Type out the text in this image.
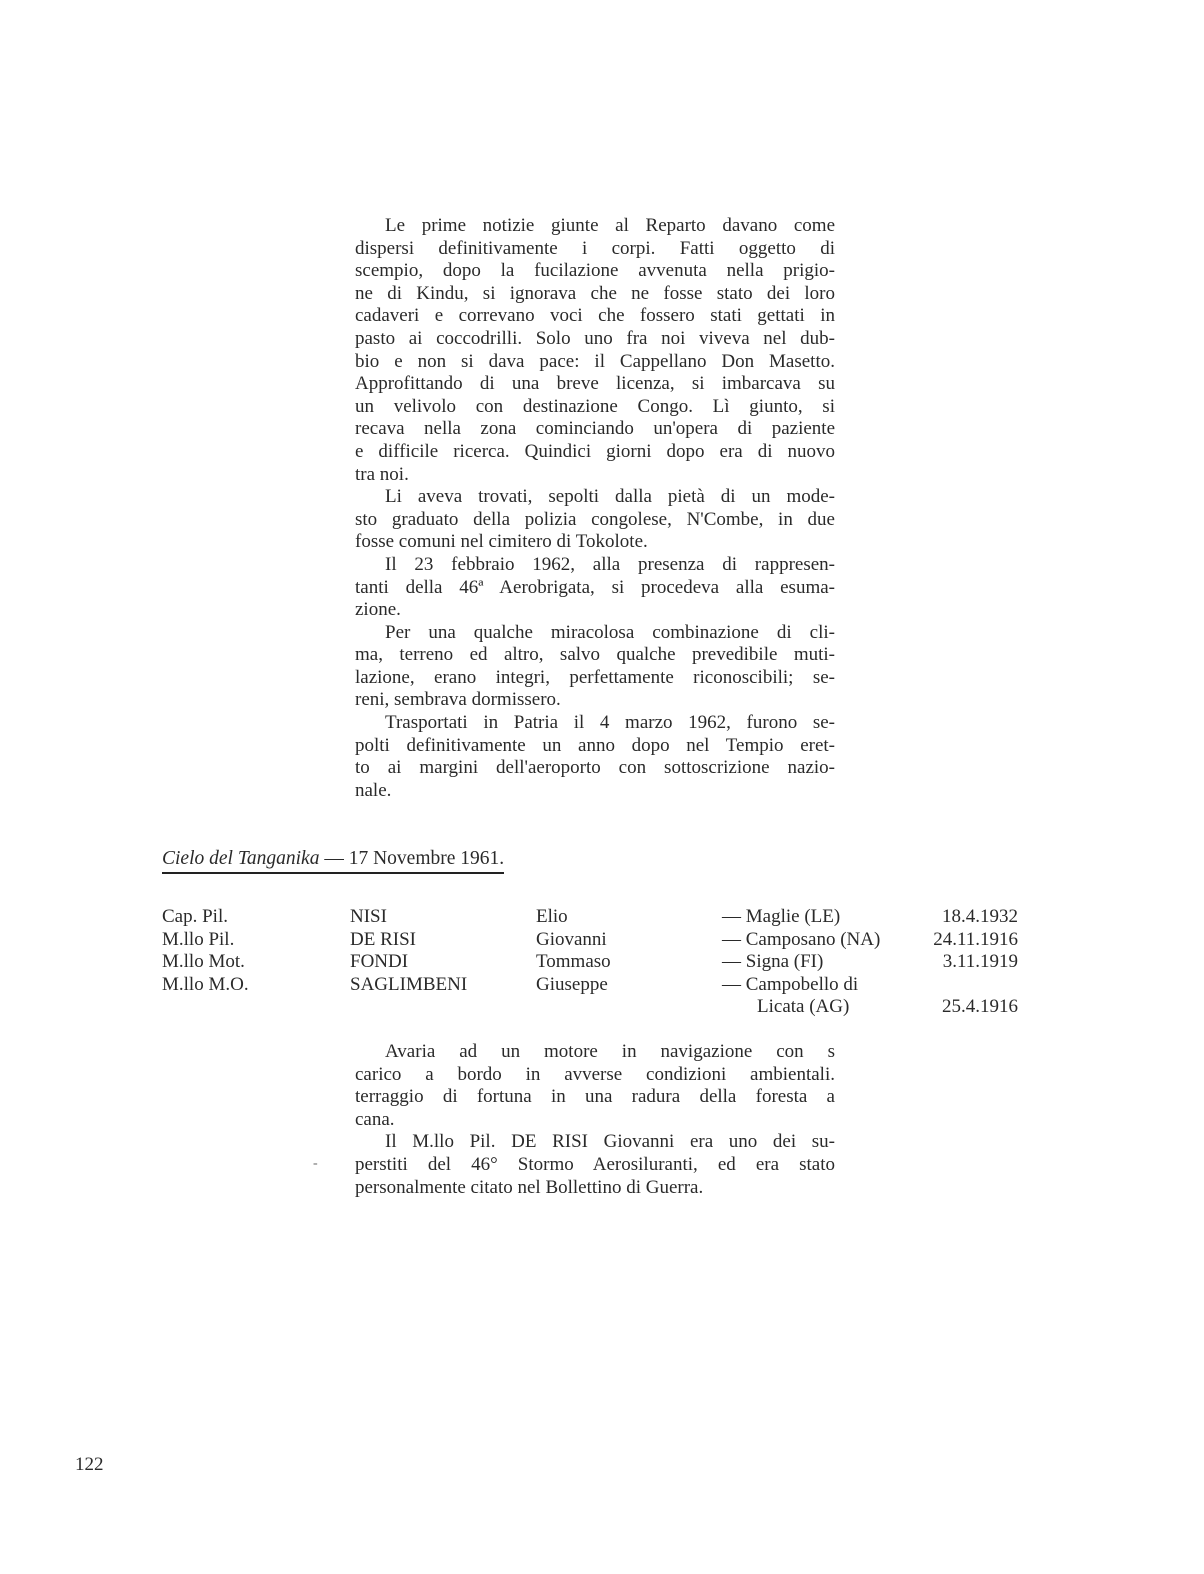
Le prime notizie giunte al Reparto davano come
dispersi definitivamente i corpi. Fatti oggetto di
scempio, dopo la fucilazione avvenuta nella prigio-
ne di Kindu, si ignorava che ne fosse stato dei loro
cadaveri e correvano voci che fossero stati gettati in
pasto ai coccodrilli. Solo uno fra noi viveva nel dub-
bio e non si dava pace: il Cappellano Don Masetto.
Approfittando di una breve licenza, si imbarcava su
un velivolo con destinazione Congo. Lì giunto, si
recava nella zona cominciando un'opera di paziente
e difficile ricerca. Quindici giorni dopo era di nuovo
tra noi.
Li aveva trovati, sepolti dalla pietà di un mode-
sto graduato della polizia congolese, N'Combe, in due
fosse comuni nel cimitero di Tokolote.
Il 23 febbraio 1962, alla presenza di rappresen-
tanti della 46ª Aerobrigata, si procedeva alla esuma-
zione.
Per una qualche miracolosa combinazione di cli-
ma, terreno ed altro, salvo qualche prevedibile muti-
lazione, erano integri, perfettamente riconoscibili; se-
reni, sembrava dormissero.
Trasportati in Patria il 4 marzo 1962, furono se-
polti definitivamente un anno dopo nel Tempio eret-
to ai margini dell'aeroporto con sottoscrizione nazio-
nale.
Cielo del Tanganika — 17 Novembre 1961.
Cap. Pil.	NISI	Elio	— Maglie (LE)	18.4.1932
M.llo Pil.	DE RISI	Giovanni	— Camposano (NA)	24.11.1916
M.llo Mot.	FONDI	Tommaso	— Signa (FI)	3.11.1919
M.llo M.O.	SAGLIMBENI	Giuseppe	— Campobello di
Licata (AG)	25.4.1916
Avaria ad un motore in navigazione con s
carico a bordo in avverse condizioni ambientali.
terraggio di fortuna in una radura della foresta a
cana.
Il M.llo Pil. DE RISI Giovanni era uno dei su-
perstiti del 46° Stormo Aerosiluranti, ed era stato
personalmente citato nel Bollettino di Guerra.
-
122
